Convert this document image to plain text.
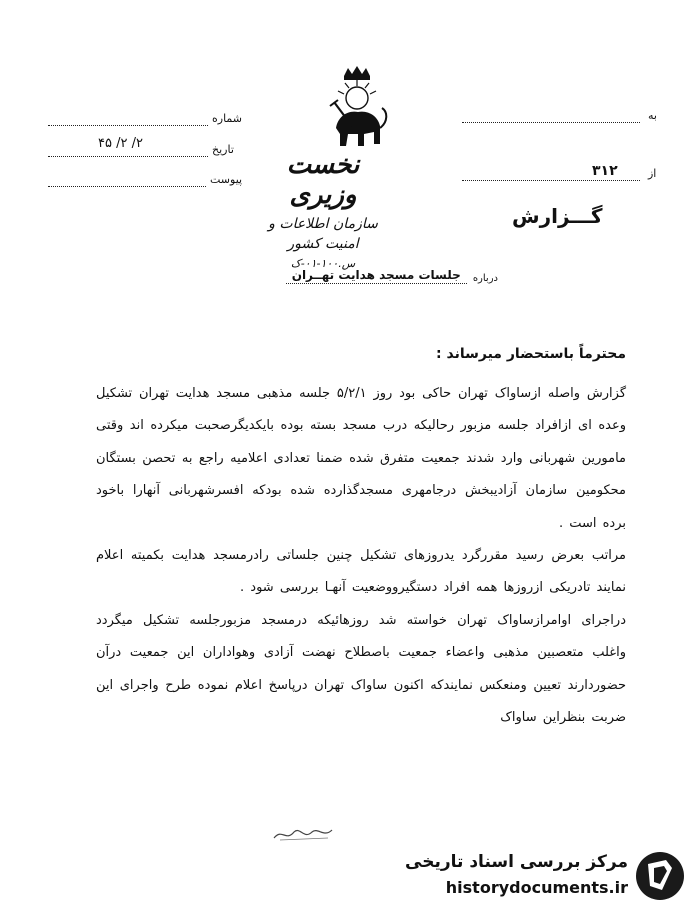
نخست وزیری
سازمان اطلاعات و امنیت کشور
س.۱۰۰-۰۱-ک
شماره
تاریخ
۲/ ۲/ ۴۵
پیوست
به
از
۳۱۲
گـــزارش
درباره
جلسات مسجد هدایت تهــران
محترماً باستحضار میرساند :

گزارش واصله ازساواک تهران حاکی بود روز ۵/۲/۱ جلسه مذهبی مسجد هدایت تهران تشکیل وعده ای ازافراد جلسه مزبور رحالیکه درب مسجد بسته بوده بایکدیگرصحبت میکرده اند وقتی مامورین شهربانی وارد شدند جمعیت متفرق شده ضمنا تعدادی اعلامیه راجع به تحصن بستگان محکومین سازمان آزادیبخش درجامهری مسجدگذارده شده بودکه افسرشهربانی آنهارا باخود برده است .

مراتب بعرض رسید مقررگرد یدروزهای تشکیل چنین جلساتی رادرمسجد هدایت بکمیته اعلام نمایند تادریکی ازروزها همه افراد دستگیرووضعیت آنهـا بررسی شود .

دراجرای اوامرازساواک تهران خواسته شد روزهائیکه درمسجد مزبورجلسه تشکیل میگردد واغلب متعصبین مذهبی واعضاء جمعیت باصطلاح نهضت آزادی وهواداران این جمعیت درآن حضوردارند تعیین ومنعکس نمایندکه اکنون ساواک تهران درپاسخ اعلام نموده طرح واجرای این ضربت بنظراین ساواک

مرکز بررسی اسناد تاریخی
historydocuments.ir
